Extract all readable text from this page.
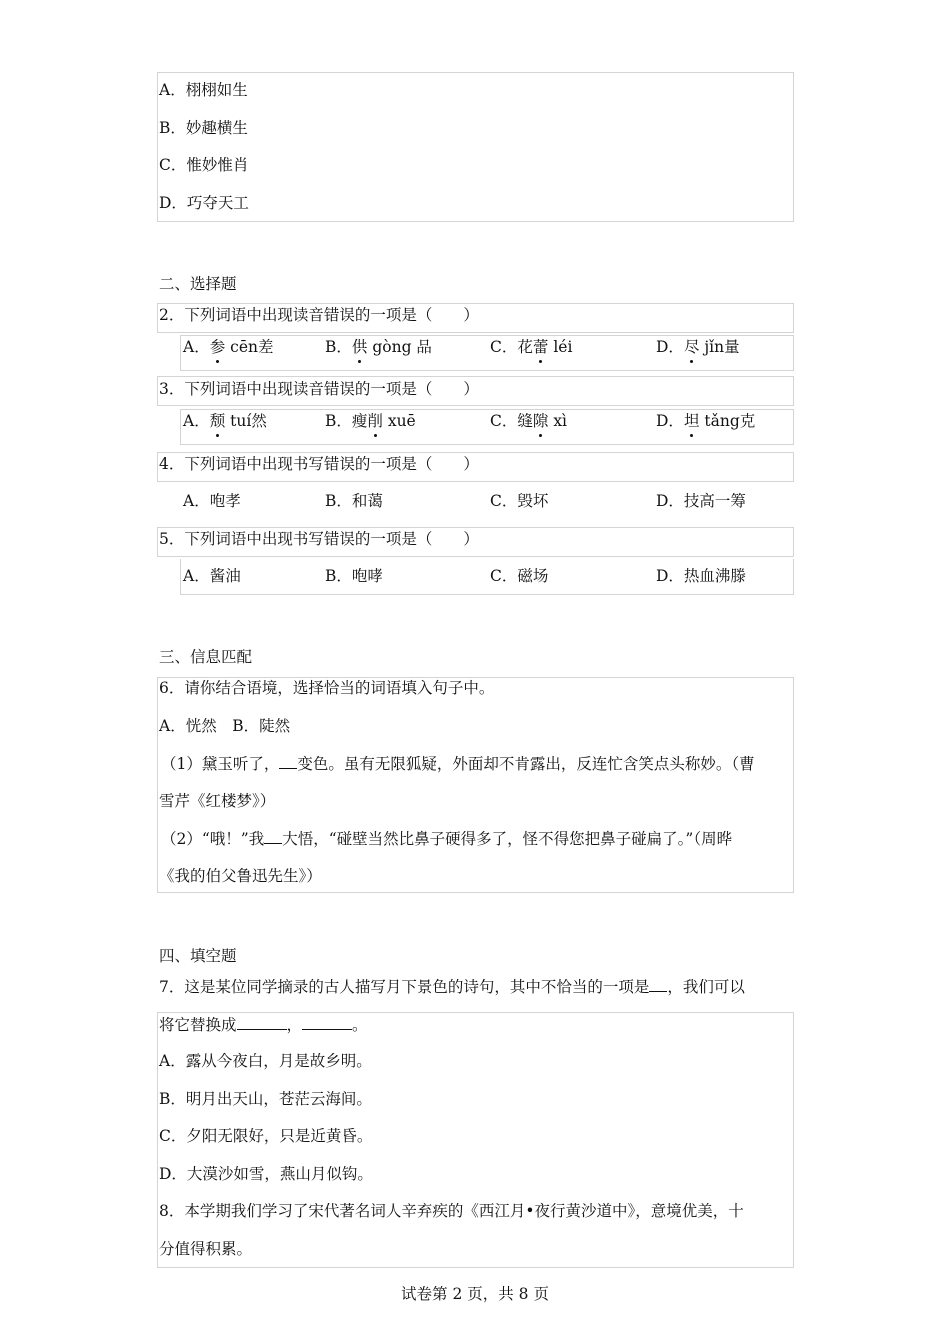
A．栩栩如生
B．妙趣横生
C．惟妙惟肖
D．巧夺天工
二、选择题
2．下列词语中出现读音错误的一项是（　　）
A．参 cēn差	B．供 gòng 品	C．花蕾 léi	D．尽 jǐn量
3．下列词语中出现读音错误的一项是（　　）
A．颓 tuí然	B．瘦削 xuē	C．缝隙 xì	D．坦 tǎng克
4．下列词语中出现书写错误的一项是（　　）
A．咆孝	B．和蔼	C．毁坏	D．技高一筹
5．下列词语中出现书写错误的一项是（　　）
A．酱油	B．咆哮	C．磁场	D．热血沸滕
三、信息匹配
6．请你结合语境，选择恰当的词语填入句子中。
A．恍然　B．陡然
（1）黛玉听了， 变色。虽有无限狐疑，外面却不肯露出，反连忙含笑点头称妙。（曹
雪芹《红楼梦》）
（2）“哦！”我 大悟，“碰壁当然比鼻子硬得多了，怪不得您把鼻子碰扁了。”（周晔
《我的伯父鲁迅先生》）
四、填空题
7．这是某位同学摘录的古人描写月下景色的诗句，其中不恰当的一项是 ，我们可以
将它替换成	，	。
A．露从今夜白，月是故乡明。
B．明月出天山，苍茫云海间。
C．夕阳无限好，只是近黄昏。
D．大漠沙如雪，燕山月似钩。
8．本学期我们学习了宋代著名词人辛弃疾的《西江月•夜行黄沙道中》，意境优美，十
分值得积累。
试卷第 2 页，共 8 页
